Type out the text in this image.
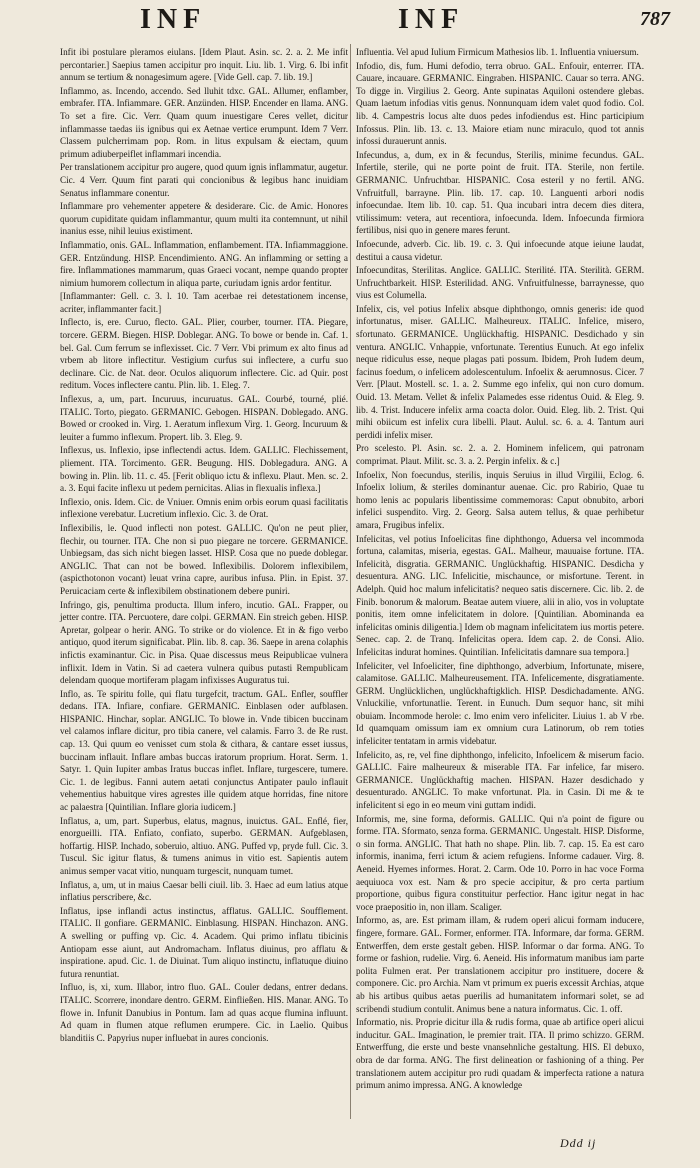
INF	INF	787

Infit ibi postulare pleramos eiulans. [Idem Plaut. Asin. sc. 2. a. 2. Me infit percontarier.] Saepius tamen accipitur pro inquit. Liu. lib. 1. Virg. 6. Ibi infit annum se tertium & nonagesimum agere. [Vide Gell. cap. 7. lib. 19.]

Inflammo, as. Incendo, accendo. Sed lluhit tdxc. GAL. Allumer, enflamber, embrafer. ITA. Infiammare. GER. Anzünden. HISP. Encender en llama. ANG. To set a fire. Cic. Verr. Quam quum inuestigare Ceres vellet, dicitur inflammasse taedas iis ignibus qui ex Aetnae vertice erumpunt. Idem 7 Verr. Classem pulcherrimam pop. Rom. in litus expulsam & eiectam, quum primum adiuberpeiflet inflammari incendia.

Per translationem accipitur pro augere, quod quum ignis inflammatur, augetur. Cic. 4 Verr. Quum fint parati qui concionibus & legibus hanc inuidiam Senatus inflammare conentur.

Inflammare pro vehementer appetere & desiderare. Cic. de Amic. Honores quorum cupiditate quidam inflammantur, quum multi ita contemnunt, ut nihil inanius esse, nihil leuius existiment.

Inflammatio, onis. GAL. Inflammation, enflambement. ITA. Infiammaggione. GER. Entzündung. HISP. Encendimiento. ANG. An inflamming or setting a fire. Inflammationes mammarum, quas Graeci vocant, nempe quando propter nimium humorem collectum in aliqua parte, curiudam ignis ardor fentitur.

[Inflammanter: Gell. c. 3. l. 10. Tam acerbae rei detestationem incense, acriter, inflammanter facit.]

Inflecto, is, ere. Curuo, flecto. GAL. Plier, courber, tourner. ITA. Piegare, torcere. GERM. Biegen. HISP. Doblegar. ANG. To bowe or bende in. Caf. 1. bel. Gal. Cum ferrum se inflexisset. Cic. 7 Verr. Vbi primum ex alto finus ad vrbem ab litore inflectitur. Vestigium curfus sui inflectere, a curfu suo declinare. Cic. de Nat. deor. Oculos aliquorum inflectere. Cic. ad Quir. post reditum. Voces inflectere cantu. Plin. lib. 1. Eleg. 7.

Inflexus, a, um, part. Incuruus, incuruatus. GAL. Courbé, tourné, plié. ITALIC. Torto, piegato. GERMANIC. Gebogen. HISPAN. Doblegado. ANG. Bowed or crooked in. Virg. 1. Aeratum inflexum Virg. 1. Georg. Incuruum & leuiter a fummo inflexum. Propert. lib. 3. Eleg. 9.

Inflexus, us. Inflexio, ipse inflectendi actus. Idem. GALLIC. Flechissement, pliement. ITA. Torcimento. GER. Beugung. HIS. Doblegadura. ANG. A bowing in. Plin. lib. 11. c. 45. [Ferit obliquo ictu & inflexu. Plaut. Men. sc. 2. a. 3. Equi facite inflexu ut pedem pernicitas. Alias in flexualis inflexa.]

Inflexio, onis. Idem. Cic. de Vniuer. Omnis enim orbis eorum quasi facilitatis inflexione verebatur. Lucretium inflexio. Cic. 3. de Orat.

Inflexibilis, le. Quod inflecti non potest. GALLIC. Qu'on ne peut plier, flechir, ou tourner. ITA. Che non si puo piegare ne torcere. GERMANICE. Unbiegsam, das sich nicht biegen lasset. HISP. Cosa que no puede doblegar. ANGLIC. That can not be bowed. Inflexibilis. Dolorem inflexibilem, (aspicthotonon vocant) leuat vrina capre, auribus infusa. Plin. in Epist. 37. Peruicaciam certe & inflexibilem obstinationem debere puniri.

Infringo, gis, penultima producta. Illum infero, incutio. GAL. Frapper, ou jetter contre. ITA. Percuotere, dare colpi. GERMAN. Ein streich geben. HISP. Apretar, golpear o herir. ANG. To strike or do violence. Et in & figo verbo antiquo, quod iterum significabat. Plin. lib. 8. cap. 36. Saepe in arena colaphis infictis examinantur. Cic. in Pisa. Quae discessus meus Reipublicae vulnera inflixit. Idem in Vatin. Si ad caetera vulnera quibus putasti Rempublicam delendam quoque mortiferam plagam infixisses Auguratus tui.

Inflo, as. Te spiritu folle, qui flatu turgefcit, tractum. GAL. Enfler, souffler dedans. ITA. Infiare, confiare. GERMANIC. Einblasen oder aufblasen. HISPANIC. Hinchar, soplar. ANGLIC. To blowe in. Vnde tibicen buccinam vel calamos inflare dicitur, pro tibia canere, vel calamis. Farro 3. de Re rust. cap. 13. Qui quum eo venisset cum stola & cithara, & cantare esset iussus, buccinam inflauit. Inflare ambas buccas iratorum proprium. Horat. Serm. 1. Satyr. 1. Quin Iupiter ambas Iratus buccas inflet. Inflare, turgescere, tumere. Cic. 1. de legibus. Fanni autem aetati conjunctus Antipater paulo inflauit vehementius habuitque vires agrestes ille quidem atque horridas, fine nitore ac palaestra [Quintilian. Inflare gloria iudicem.]

Inflatus, a, um, part. Superbus, elatus, magnus, inuictus. GAL. Enflé, fier, enorgueilli. ITA. Enfiato, confiato, superbo. GERMAN. Aufgeblasen, hoffartig. HISP. Inchado, soberuio, altiuo. ANG. Puffed vp, pryde full. Cic. 3. Tuscul. Sic igitur flatus, & tumens animus in vitio est. Sapientis autem animus semper vacat vitio, nunquam turgescit, nunquam tumet.

Inflatus, a, um, ut in maius Caesar belli ciuil. lib. 3. Haec ad eum latius atque inflatius perscribere, &c.

Inflatus, ipse inflandi actus instinctus, afflatus. GALLIC. Soufflement. ITALIC. Il gonfiare. GERMANIC. Einblasung. HISPAN. Hinchazon. ANG. A swelling or puffing vp. Cic. 4. Academ. Qui primo inflatu tibicinis Antiopam esse aiunt, aut Andromacham. Inflatus diuinus, pro afflatu & inspiratione. apud. Cic. 1. de Diuinat. Tum aliquo instinctu, inflatuque diuino futura renuntiat.

Influo, is, xi, xum. Illabor, intro fluo. GAL. Couler dedans, entrer dedans. ITALIC. Scorrere, inondare dentro. GERM. Einfließen. HIS. Manar. ANG. To flowe in. Infunit Danubius in Pontum. Iam ad quas acque flumina influunt. Ad quam in flumen atque reflumen erumpere. Cic. in Laelio. Quibus blanditiis C. Papyrius nuper influebat in aures concionis.

Influentia. Vel apud Iulium Firmicum Mathesios lib. 1. Influentia vniuersum.

Infodio, dis, fum. Humi defodio, terra obruo. GAL. Enfouir, enterrer. ITA. Cauare, incauare. GERMANIC. Eingraben. HISPANIC. Cauar so terra. ANG. To digge in. Virgilius 2. Georg. Ante supinatas Aquiloni ostendere glebas. Quam laetum infodias vitis genus. Nonnunquam idem valet quod fodio. Col. lib. 4. Campestris locus alte duos pedes infodiendus est. Hinc participium Infossus. Plin. lib. 13. c. 13. Maiore etiam nunc miraculo, quod tot annis infossi durauerunt annis.

Infecundus, a, dum, ex in & fecundus, Sterilis, minime fecundus. GAL. Infertile, sterile, qui ne porte point de fruit. ITA. Sterile, non fertile. GERMANIC. Unfruchtbar. HISPANIC. Cosa esteril y no fertil. ANG. Vnfruitfull, barrayne. Plin. lib. 17. cap. 10. Languenti arbori nodis infoecundae. Item lib. 10. cap. 51. Qua incubari intra decem dies ditera, vtilissimum: vetera, aut recentiora, infoecunda. Idem. Infoecunda firmiora fertilibus, nisi quo in genere mares ferunt.

Infoecunde, adverb. Cic. lib. 19. c. 3. Qui infoecunde atque ieiune laudat, destitui a causa videtur.

Infoecunditas, Sterilitas. Anglice. GALLIC. Sterilité. ITA. Sterilità. GERM. Unfruchtbarkeit. HISP. Esterilidad. ANG. Vnfruitfulnesse, barraynesse, quo vius est Columella.

Infelix, cis, vel potius Infelix absque diphthongo, omnis generis: ide quod infortunatus, miser. GALLIC. Malheureux. ITALIC. Infelice, misero, sfortunato. GERMANICE. Unglückhaftig. HISPANIC. Desdichado y sin ventura. ANGLIC. Vnhappie, vnfortunate. Terentius Eunuch. At ego infelix neque ridiculus esse, neque plagas pati possum. Ibidem, Proh Iudem deum, facinus foedum, o infelicem adolescentulum. Infoelix & aerumnosus. Cicer. 7 Verr. [Plaut. Mostell. sc. 1. a. 2. Summe ego infelix, qui non curo domum. Ouid. 13. Metam. Vellet & infelix Palamedes esse ridentus Ouid. & Eleg. 9. lib. 4. Trist. Inducere infelix arma coacta dolor. Ouid. Eleg. lib. 2. Trist. Qui mihi obiicum est infelix cura libelli. Plaut. Aulul. sc. 6. a. 4. Tantum auri perdidi infelix miser.

Pro scelesto. Pl. Asin. sc. 2. a. 2. Hominem infelicem, qui patronam comprimat. Plaut. Milit. sc. 3. a. 2. Pergin infelix. & c.]

Infoelix, Non foecundus, sterilis, inquis Seruius in illud Virgilii, Eclog. 6. Infoelix lolium, & steriles dominantur auenae. Cic. pro Rabirio, Quae tu homo lenis ac popularis libentissime commemoras: Caput obnubito, arbori infelici suspendito. Virg. 2. Georg. Salsa autem tellus, & quae perhibetur amara, Frugibus infelix.

Infelicitas, vel potius Infoelicitas fine diphthongo, Aduersa vel incommoda fortuna, calamitas, miseria, egestas. GAL. Malheur, mauuaise fortune. ITA. Infelicità, disgratia. GERMANIC. Unglückhaftig. HISPANIC. Desdicha y desuentura. ANG. LIC. Infelicitie, mischaunce, or misfortune. Terent. in Adelph. Quid hoc malum infelicitatis? nequeo satis discernere. Cic. lib. 2. de Finib. bonorum & malorum. Beatae autem viuere, alii in alio, vos in voluptate ponitis, item omne infelicitatem in dolore. [Quintilian. Abominanda ea infelicitas ominis diligentia.] Idem ob magnam infelicitatem ius mortis petere. Senec. cap. 2. de Tranq. Infelicitas opera. Idem cap. 2. de Consi. Alio. Infelicitas indurat homines. Quintilian. Infelicitatis damnare sua tempora.]

Infeliciter, vel Infoeliciter, fine diphthongo, adverbium, Infortunate, misere, calamitose. GALLIC. Malheureusement. ITA. Infelicemente, disgratiamente. GERM. Unglücklichen, unglückhaftigklich. HISP. Desdichadamente. ANG. Vnluckilie, vnfortunatlie. Terent. in Eunuch. Dum sequor hanc, sit mihi obuiam. Incommode herole: c. Imo enim vero infeliciter. Liuius 1. ab V rbe. Id quamquam omissum iam ex omnium cura Latinorum, ob rem toties infeliciter tentatam in armis videbatur.

Infelicito, as, re, vel fine diphthongo, infelicito, Infoelicem & miserum facio. GALLIC. Faire malheureux & miserable ITA. Far infelice, far misero. GERMANICE. Unglückhaftig machen. HISPAN. Hazer desdichado y desuenturado. ANGLIC. To make vnfortunat. Pla. in Casin. Di me & te infelicitent si ego in eo meum vini guttam indidi.

Informis, me, sine forma, deformis. GALLIC. Qui n'a point de figure ou forme. ITA. Sformato, senza forma. GERMANIC. Ungestalt. HISP. Disforme, o sin forma. ANGLIC. That hath no shape. Plin. lib. 7. cap. 15. Ea est caro informis, inanima, ferri ictum & aciem refugiens. Informe cadauer. Virg. 8. Aeneid. Hyemes informes. Horat. 2. Carm. Ode 10. Porro in hac voce Forma aequiuoca vox est. Nam & pro specie accipitur, & pro certa partium proportione, quibus figura constituitur perfectior. Hanc igitur negat in hac voce praepositio in, non illam. Scaliger.

Informo, as, are. Est primam illam, & rudem operi alicui formam inducere, fingere, formare. GAL. Former, enformer. ITA. Informare, dar forma. GERM. Entwerffen, dem erste gestalt geben. HISP. Informar o dar forma. ANG. To forme or fashion, rudelie. Virg. 6. Aeneid. His informatum manibus iam parte polita Fulmen erat. Per translationem accipitur pro instituere, docere & componere. Cic. pro Archia. Nam vt primum ex pueris excessit Archias, atque ab his artibus quibus aetas puerilis ad humanitatem informari solet, se ad scribendi studium contulit. Animus bene a natura informatus. Cic. 1. off.

Informatio, nis. Proprie dicitur illa & rudis forma, quae ab artifice operi alicui inducitur. GAL. Imagination, le premier trait. ITA. Il primo schizzo. GERM. Entwerffung, die erste und beste vnansehnliche gestaltung. HIS. El debuxo, obra de dar forma. ANG. The first delineation or fashioning of a thing. Per translationem autem accipitur pro rudi quadam & imperfecta ratione a natura primum animo impressa. ANG. A knowledge

Ddd ij
